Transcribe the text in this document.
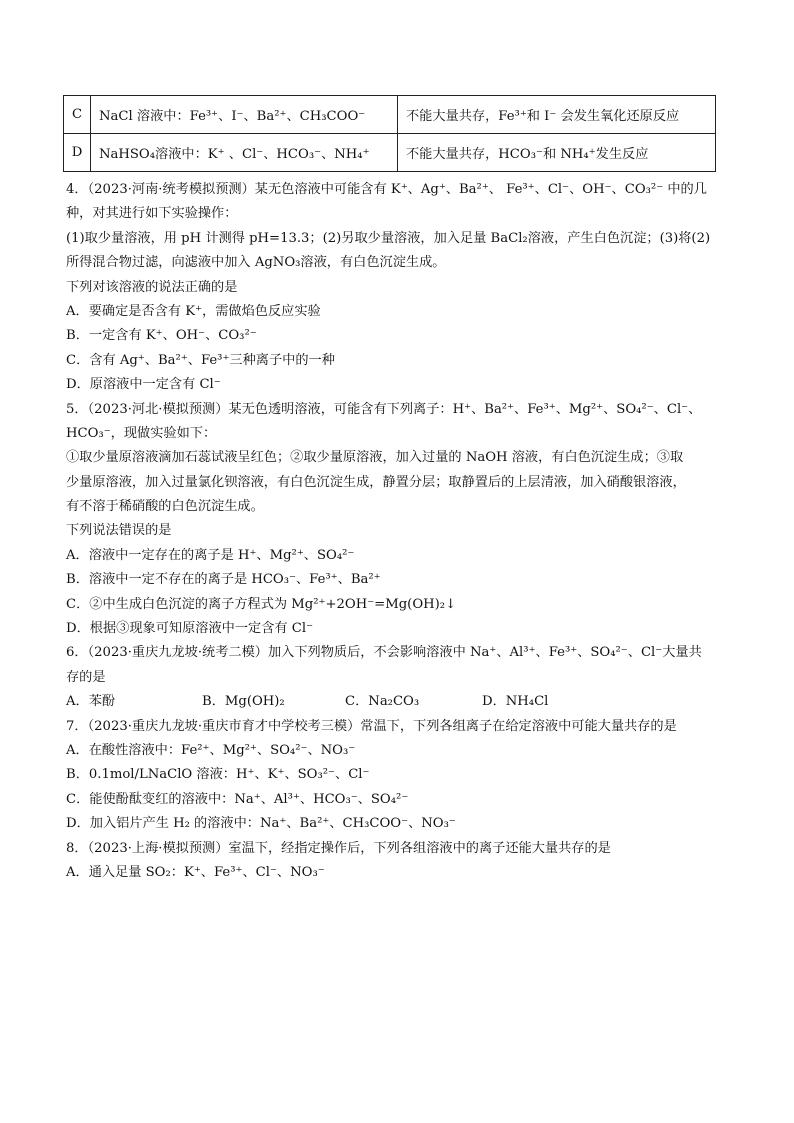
C	NaCl 溶液中：Fe³⁺、I⁻、Ba²⁺、CH₃COO⁻	不能大量共存，Fe³⁺和 I⁻ 会发生氧化还原反应
D	NaHSO₄溶液中：K⁺ 、Cl⁻、HCO₃⁻、NH₄⁺	不能大量共存，HCO₃⁻和 NH₄⁺发生反应
4．（2023·河南·统考模拟预测）某无色溶液中可能含有 K⁺、Ag⁺、Ba²⁺、 Fe³⁺、Cl⁻、OH⁻、CO₃²⁻ 中的几
种，对其进行如下实验操作：
(1)取少量溶液，用 pH 计测得 pH=13.3；(2)另取少量溶液，加入足量 BaCl₂溶液，产生白色沉淀；(3)将(2)
所得混合物过滤，向滤液中加入 AgNO₃溶液，有白色沉淀生成。
下列对该溶液的说法正确的是
A．要确定是否含有 K⁺，需做焰色反应实验
B．一定含有 K⁺、OH⁻、CO₃²⁻
C．含有 Ag⁺、Ba²⁺、Fe³⁺三种离子中的一种
D．原溶液中一定含有 Cl⁻
5．（2023·河北·模拟预测）某无色透明溶液，可能含有下列离子：H⁺、Ba²⁺、Fe³⁺、Mg²⁺、SO₄²⁻、Cl⁻、
HCO₃⁻，现做实验如下：
①取少量原溶液滴加石蕊试液呈红色；②取少量原溶液，加入过量的 NaOH 溶液，有白色沉淀生成；③取
少量原溶液，加入过量氯化钡溶液，有白色沉淀生成，静置分层；取静置后的上层清液，加入硝酸银溶液，
有不溶于稀硝酸的白色沉淀生成。
下列说法错误的是
A．溶液中一定存在的离子是 H⁺、Mg²⁺、SO₄²⁻
B．溶液中一定不存在的离子是 HCO₃⁻、Fe³⁺、Ba²⁺
C．②中生成白色沉淀的离子方程式为 Mg²⁺+2OH⁻=Mg(OH)₂↓
D．根据③现象可知原溶液中一定含有 Cl⁻
6．（2023·重庆九龙坡·统考二模）加入下列物质后，不会影响溶液中 Na⁺、Al³⁺、Fe³⁺、SO₄²⁻、Cl⁻大量共
存的是
A．苯酚	B．Mg(OH)₂	C．Na₂CO₃	D．NH₄Cl
7．（2023·重庆九龙坡·重庆市育才中学校考三模）常温下，下列各组离子在给定溶液中可能大量共存的是
A．在酸性溶液中：Fe²⁺、Mg²⁺、SO₄²⁻、NO₃⁻
B．0.1mol/LNaClO 溶液：H⁺、K⁺、SO₃²⁻、Cl⁻
C．能使酚酞变红的溶液中：Na⁺、Al³⁺、HCO₃⁻、SO₄²⁻
D．加入铝片产生 H₂ 的溶液中：Na⁺、Ba²⁺、CH₃COO⁻、NO₃⁻
8．（2023·上海·模拟预测）室温下，经指定操作后，下列各组溶液中的离子还能大量共存的是
A．通入足量 SO₂：K⁺、Fe³⁺、Cl⁻、NO₃⁻
